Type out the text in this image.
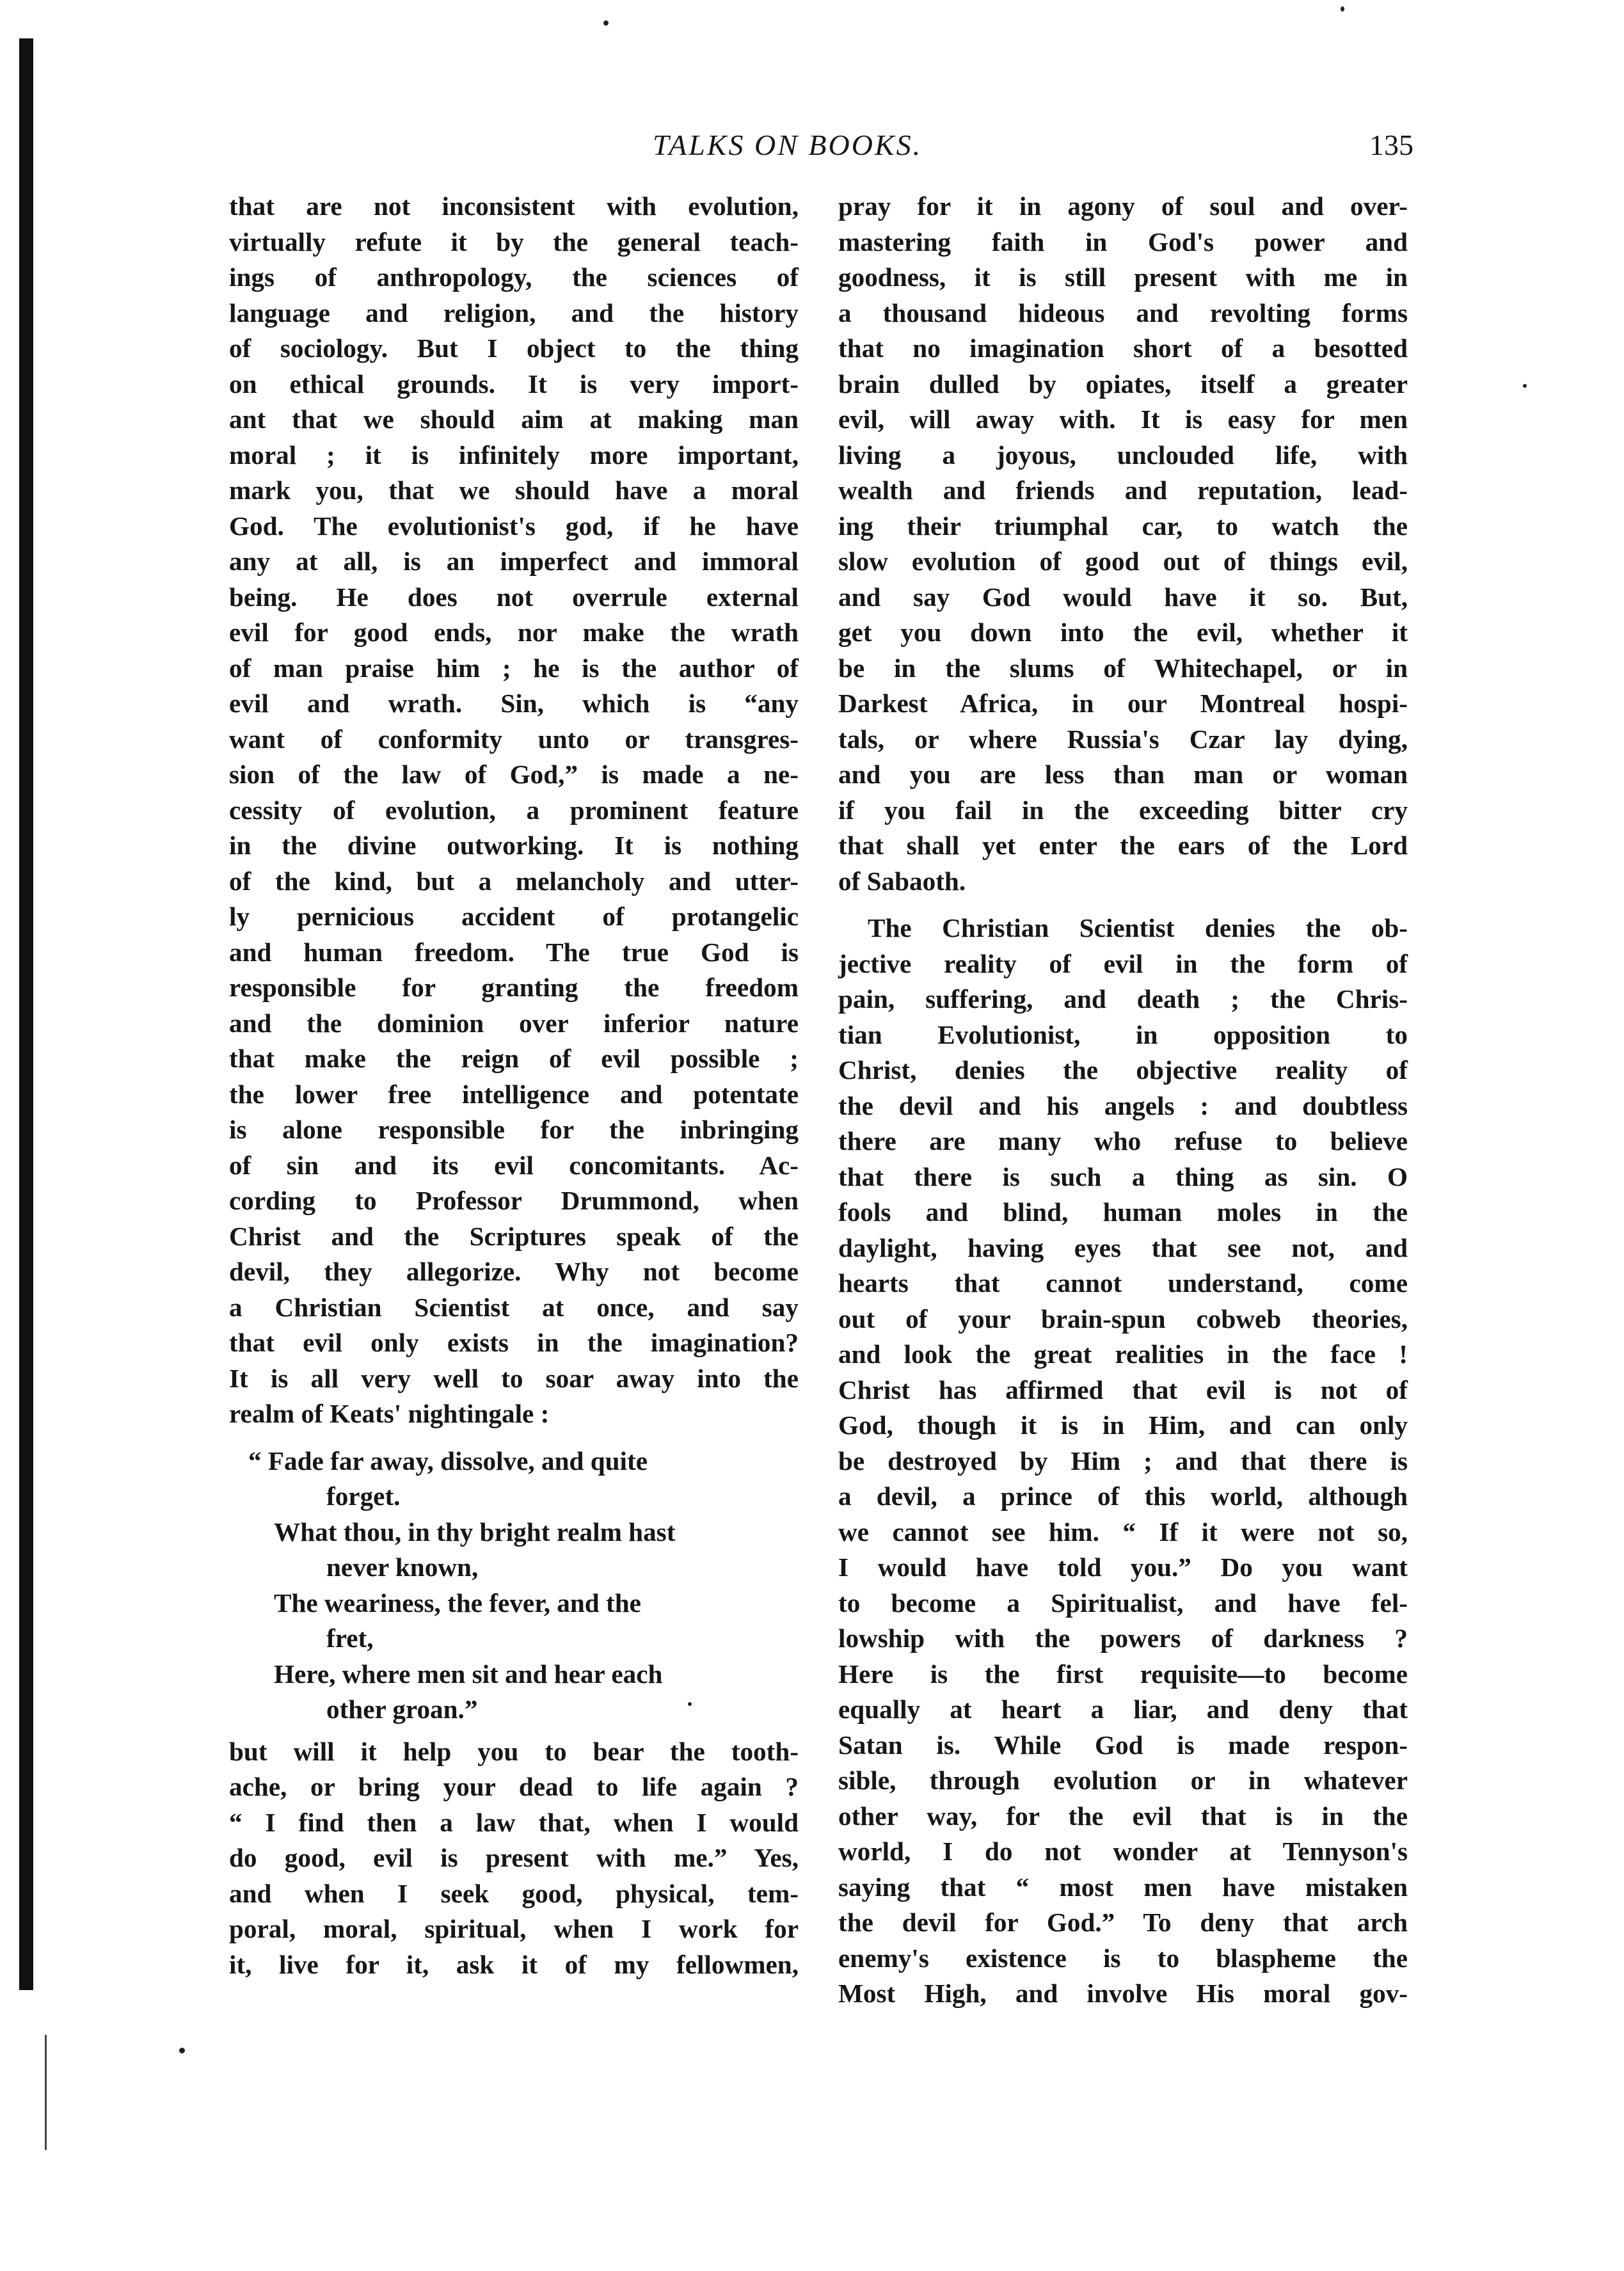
TALKS ON BOOKS.	135
that are not inconsistent with evolution,
virtually refute it by the general teach-
ings of anthropology, the sciences of
language and religion, and the history
of sociology. But I object to the thing
on ethical grounds. It is very import-
ant that we should aim at making man
moral ; it is infinitely more important,
mark you, that we should have a moral
God. The evolutionist's god, if he have
any at all, is an imperfect and immoral
being. He does not overrule external
evil for good ends, nor make the wrath
of man praise him ; he is the author of
evil and wrath. Sin, which is “any
want of conformity unto or transgres-
sion of the law of God,” is made a ne-
cessity of evolution, a prominent feature
in the divine outworking. It is nothing
of the kind, but a melancholy and utter-
ly pernicious accident of protangelic
and human freedom. The true God is
responsible for granting the freedom
and the dominion over inferior nature
that make the reign of evil possible ;
the lower free intelligence and potentate
is alone responsible for the inbringing
of sin and its evil concomitants. Ac-
cording to Professor Drummond, when
Christ and the Scriptures speak of the
devil, they allegorize. Why not become
a Christian Scientist at once, and say
that evil only exists in the imagination?
It is all very well to soar away into the
realm of Keats' nightingale :
“ Fade far away, dissolve, and quite
forget.
What thou, in thy bright realm hast
never known,
The weariness, the fever, and the
fret,
Here, where men sit and hear each
other groan.”
but will it help you to bear the tooth-
ache, or bring your dead to life again ?
“ I find then a law that, when I would
do good, evil is present with me.” Yes,
and when I seek good, physical, tem-
poral, moral, spiritual, when I work for
it, live for it, ask it of my fellowmen,
pray for it in agony of soul and over-
mastering faith in God's power and
goodness, it is still present with me in
a thousand hideous and revolting forms
that no imagination short of a besotted
brain dulled by opiates, itself a greater
evil, will away with. It is easy for men
living a joyous, unclouded life, with
wealth and friends and reputation, lead-
ing their triumphal car, to watch the
slow evolution of good out of things evil,
and say God would have it so. But,
get you down into the evil, whether it
be in the slums of Whitechapel, or in
Darkest Africa, in our Montreal hospi-
tals, or where Russia's Czar lay dying,
and you are less than man or woman
if you fail in the exceeding bitter cry
that shall yet enter the ears of the Lord
of Sabaoth.
The Christian Scientist denies the ob-
jective reality of evil in the form of
pain, suffering, and death ; the Chris-
tian Evolutionist, in opposition to
Christ, denies the objective reality of
the devil and his angels : and doubtless
there are many who refuse to believe
that there is such a thing as sin. O
fools and blind, human moles in the
daylight, having eyes that see not, and
hearts that cannot understand, come
out of your brain-spun cobweb theories,
and look the great realities in the face !
Christ has affirmed that evil is not of
God, though it is in Him, and can only
be destroyed by Him ; and that there is
a devil, a prince of this world, although
we cannot see him. “ If it were not so,
I would have told you.” Do you want
to become a Spiritualist, and have fel-
lowship with the powers of darkness ?
Here is the first requisite—to become
equally at heart a liar, and deny that
Satan is. While God is made respon-
sible, through evolution or in whatever
other way, for the evil that is in the
world, I do not wonder at Tennyson's
saying that “ most men have mistaken
the devil for God.” To deny that arch
enemy's existence is to blaspheme the
Most High, and involve His moral gov-
